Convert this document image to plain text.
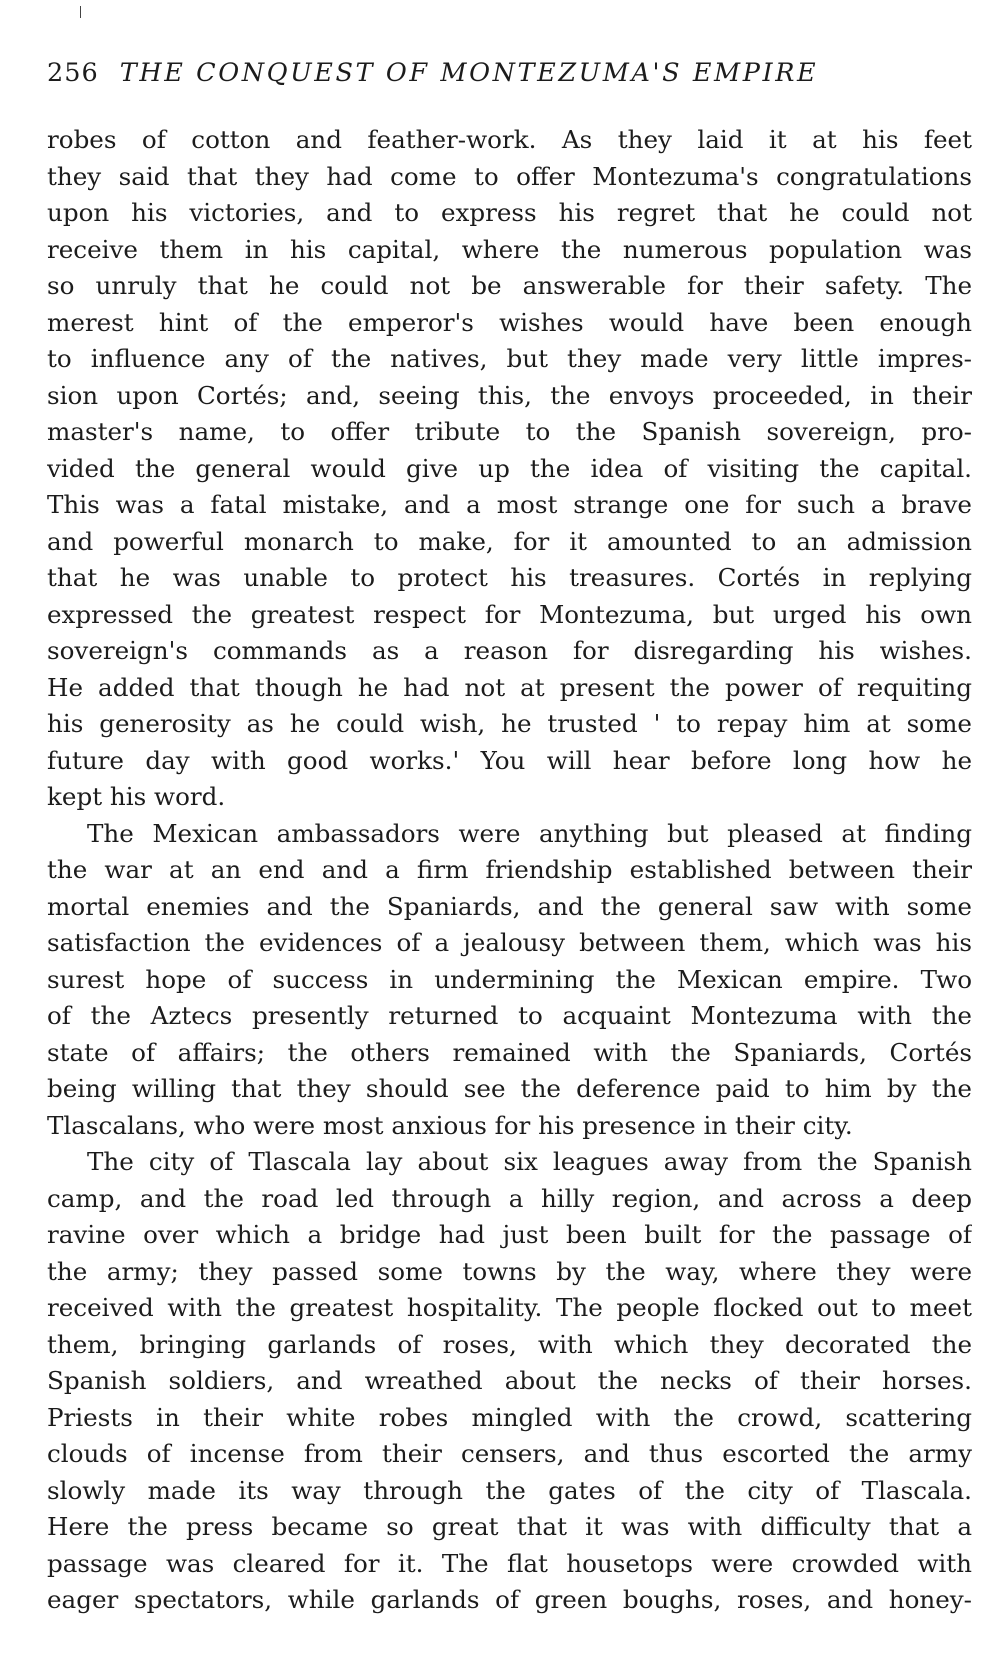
256 THE CONQUEST OF MONTEZUMA'S EMPIRE
robes of cotton and feather-work. As they laid it at his feet
they said that they had come to offer Montezuma's congratulations
upon his victories, and to express his regret that he could not
receive them in his capital, where the numerous population was
so unruly that he could not be answerable for their safety. The
merest hint of the emperor's wishes would have been enough
to influence any of the natives, but they made very little impres-
sion upon Cortés; and, seeing this, the envoys proceeded, in their
master's name, to offer tribute to the Spanish sovereign, pro-
vided the general would give up the idea of visiting the capital.
This was a fatal mistake, and a most strange one for such a brave
and powerful monarch to make, for it amounted to an admission
that he was unable to protect his treasures. Cortés in replying
expressed the greatest respect for Montezuma, but urged his own
sovereign's commands as a reason for disregarding his wishes.
He added that though he had not at present the power of requiting
his generosity as he could wish, he trusted ' to repay him at some
future day with good works.' You will hear before long how he
kept his word.
The Mexican ambassadors were anything but pleased at finding
the war at an end and a firm friendship established between their
mortal enemies and the Spaniards, and the general saw with some
satisfaction the evidences of a jealousy between them, which was his
surest hope of success in undermining the Mexican empire. Two
of the Aztecs presently returned to acquaint Montezuma with the
state of affairs; the others remained with the Spaniards, Cortés
being willing that they should see the deference paid to him by the
Tlascalans, who were most anxious for his presence in their city.
The city of Tlascala lay about six leagues away from the Spanish
camp, and the road led through a hilly region, and across a deep
ravine over which a bridge had just been built for the passage of
the army; they passed some towns by the way, where they were
received with the greatest hospitality. The people flocked out to meet
them, bringing garlands of roses, with which they decorated the
Spanish soldiers, and wreathed about the necks of their horses.
Priests in their white robes mingled with the crowd, scattering
clouds of incense from their censers, and thus escorted the army
slowly made its way through the gates of the city of Tlascala.
Here the press became so great that it was with difficulty that a
passage was cleared for it. The flat housetops were crowded with
eager spectators, while garlands of green boughs, roses, and honey-
